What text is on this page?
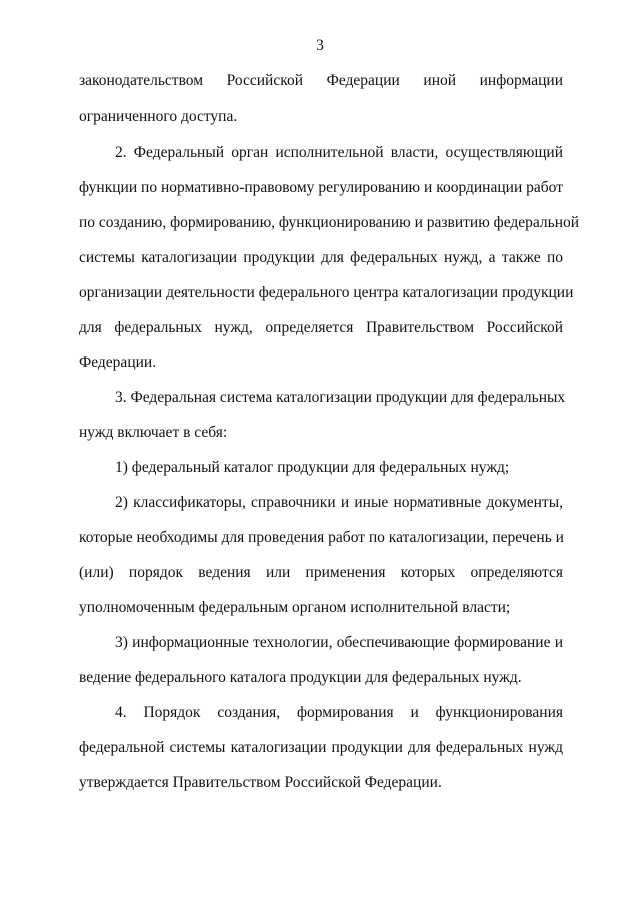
3
законодательством Российской Федерации иной информации
ограниченного доступа.
2. Федеральный орган исполнительной власти, осуществляющий
функции по нормативно-правовому регулированию и координации работ
по созданию, формированию, функционированию и развитию федеральной
системы каталогизации продукции для федеральных нужд, а также по
организации деятельности федерального центра каталогизации продукции
для федеральных нужд, определяется Правительством Российской
Федерации.
3. Федеральная система каталогизации продукции для федеральных
нужд включает в себя:
1) федеральный каталог продукции для федеральных нужд;
2) классификаторы, справочники и иные нормативные документы,
которые необходимы для проведения работ по каталогизации, перечень и
(или) порядок ведения или применения которых определяются
уполномоченным федеральным органом исполнительной власти;
3) информационные технологии, обеспечивающие формирование и
ведение федерального каталога продукции для федеральных нужд.
4. Порядок создания, формирования и функционирования
федеральной системы каталогизации продукции для федеральных нужд
утверждается Правительством Российской Федерации.
